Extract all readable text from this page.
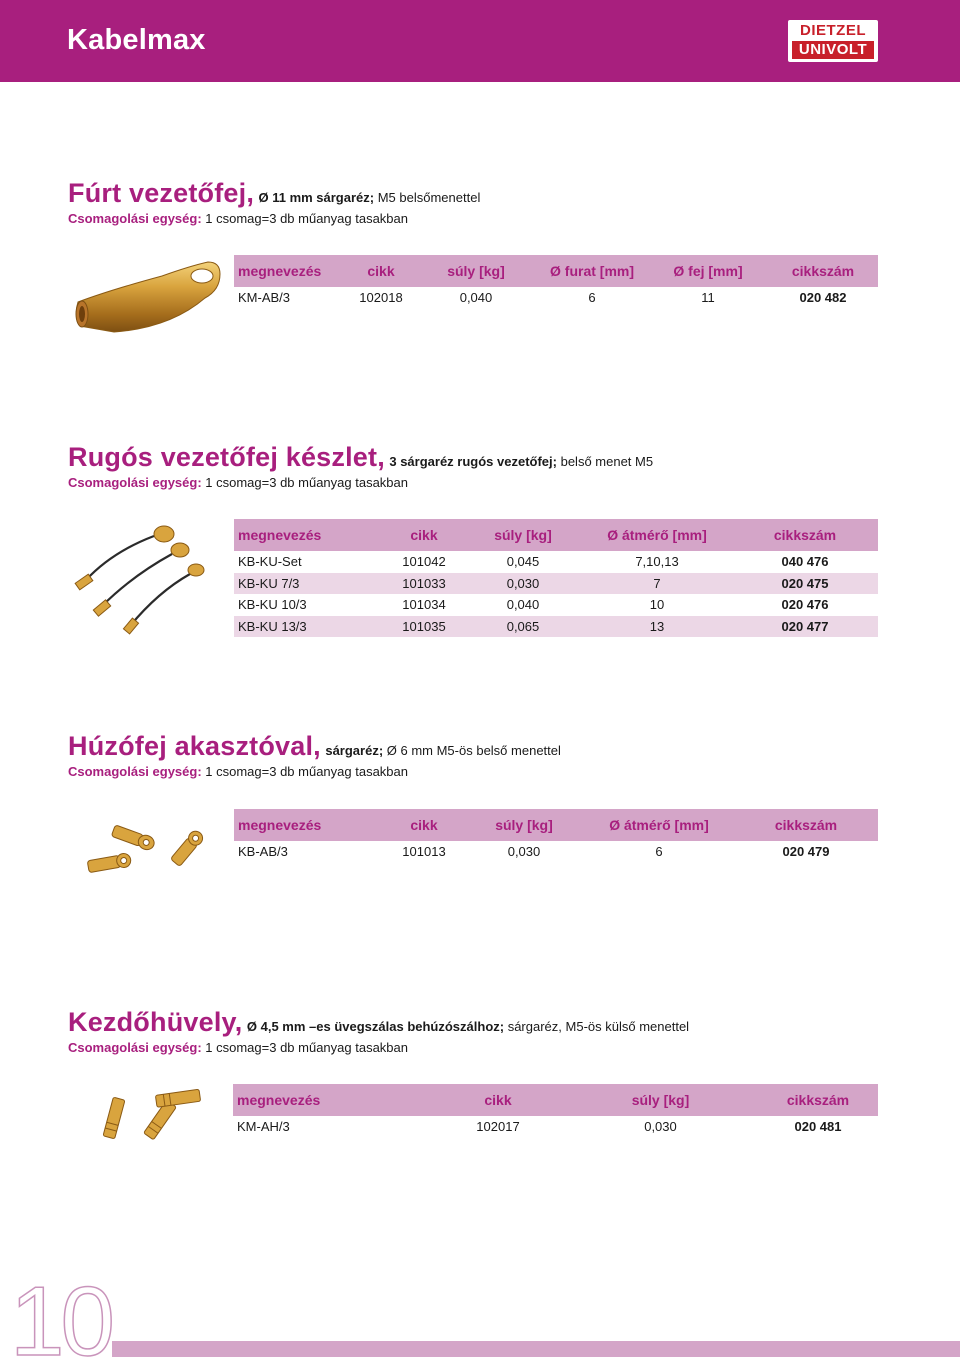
Kabelmax	DIETZEL
UNIVOLT
Fúrt vezetőfej, Ø 11 mm sárgaréz; M5 belsőmenettel
Csomagolási egység: 1 csomag=3 db műanyag tasakban
megnevezés	cikk	súly [kg]	Ø furat [mm]	Ø fej [mm]	cikkszám
KM-AB/3	102018	0,040	6	11	020 482
Rugós vezetőfej készlet, 3 sárgaréz rugós vezetőfej; belső menet M5
Csomagolási egység: 1 csomag=3 db műanyag tasakban
megnevezés	cikk	súly [kg]	Ø átmérő [mm]	cikkszám
KB-KU-Set	101042	0,045	7,10,13	040 476
KB-KU 7/3	101033	0,030	7	020 475
KB-KU 10/3	101034	0,040	10	020 476
KB-KU 13/3	101035	0,065	13	020 477
Húzófej akasztóval, sárgaréz; Ø 6 mm M5-ös belső menettel
Csomagolási egység: 1 csomag=3 db műanyag tasakban
megnevezés	cikk	súly [kg]	Ø átmérő [mm]	cikkszám
KB-AB/3	101013	0,030	6	020 479
Kezdőhüvely, Ø 4,5 mm –es üvegszálas behúzószálhoz; sárgaréz, M5-ös külső menettel
Csomagolási egység: 1 csomag=3 db műanyag tasakban
megnevezés	cikk	súly [kg]	cikkszám
KM-AH/3	102017	0,030	020 481
10
